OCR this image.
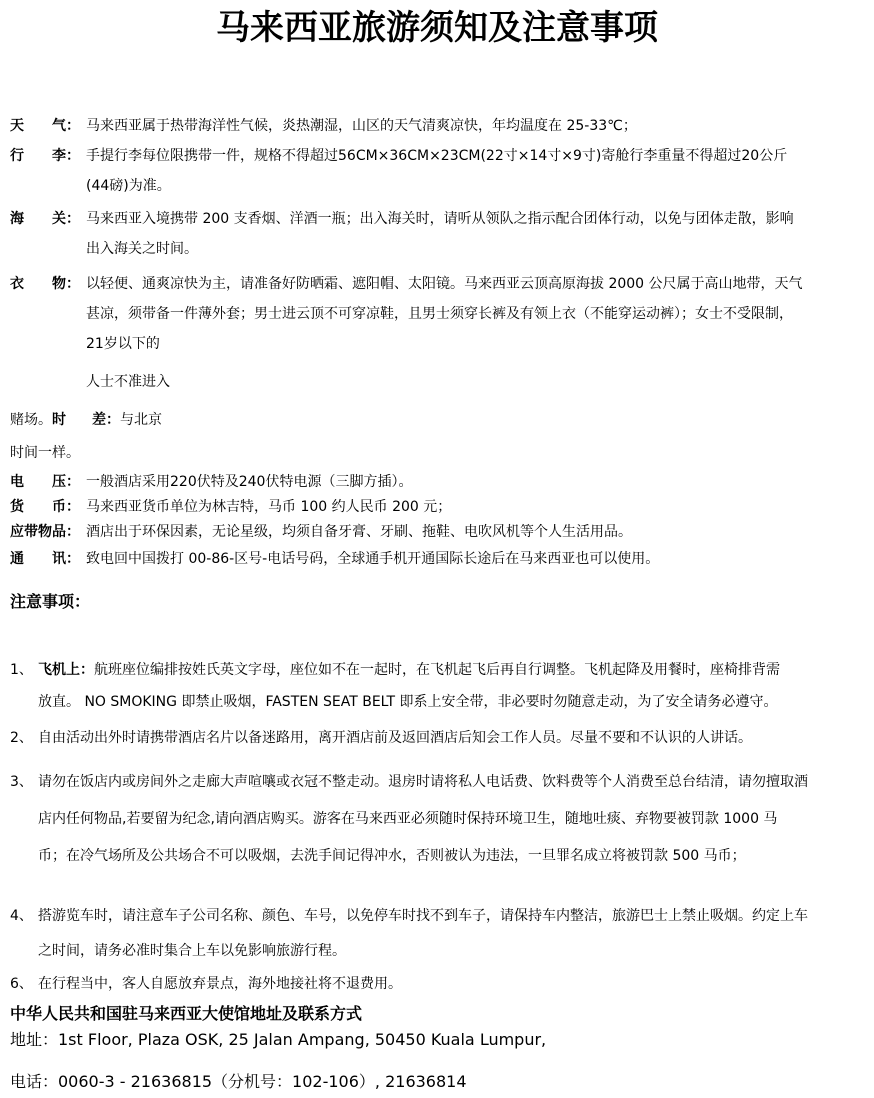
马来西亚旅游须知及注意事项
天 气： 马来西亚属于热带海洋性气候，炎热潮湿，山区的天气清爽凉快，年均温度在 25-33℃；
行 李： 手提行李每位限携带一件，规格不得超过56CM×36CM×23CM(22寸×14寸×9寸)寄舱行李重量不得超过20公斤
(44磅)为准。
海 关： 马来西亚入境携带 200 支香烟、洋酒一瓶；出入海关时，请听从领队之指示配合团体行动，以免与团体走散，影响
出入海关之时间。
衣 物： 以轻便、通爽凉快为主，请准备好防晒霜、遮阳帽、太阳镜。马来西亚云顶高原海拔 2000 公尺属于高山地带，天气
甚凉，须带备一件薄外套；男士进云顶不可穿凉鞋，且男士须穿长裤及有领上衣（不能穿运动裤）；女士不受限制，
21岁以下的
人士不准进入
赌场。时 差：与北京
时间一样。
电 压： 一般酒店采用220伏特及240伏特电源（三脚方插）。
货 币： 马来西亚货币单位为林吉特，马币 100 约人民币 200 元；
应带物品： 酒店出于环保因素，无论星级，均须自备牙膏、牙刷、拖鞋、电吹风机等个人生活用品。
通 讯： 致电回中国拨打 00-86-区号-电话号码，全球通手机开通国际长途后在马来西亚也可以使用。
注意事项：
1、 飞机上：航班座位编排按姓氏英文字母，座位如不在一起时，在飞机起飞后再自行调整。飞机起降及用餐时，座椅排背需
放直。 NO SMOKING 即禁止吸烟，FASTEN SEAT BELT 即系上安全带，非必要时勿随意走动，为了安全请务必遵守。
2、 自由活动出外时请携带酒店名片以备迷路用，离开酒店前及返回酒店后知会工作人员。尽量不要和不认识的人讲话。
3、 请勿在饭店内或房间外之走廊大声喧嚷或衣冠不整走动。退房时请将私人电话费、饮料费等个人消费至总台结清，请勿擅取酒
店内任何物品,若要留为纪念,请向酒店购买。游客在马来西亚必须随时保持环境卫生，随地吐痰、弃物要被罚款 1000 马
币；在冷气场所及公共场合不可以吸烟，去洗手间记得冲水，否则被认为违法，一旦罪名成立将被罚款 500 马币；
4、 搭游览车时，请注意车子公司名称、颜色、车号，以免停车时找不到车子，请保持车内整洁，旅游巴士上禁止吸烟。约定上车
之时间，请务必准时集合上车以免影响旅游行程。
6、 在行程当中，客人自愿放弃景点，海外地接社将不退费用。
中华人民共和国驻马来西亚大使馆地址及联系方式
地址：1st Floor, Plaza OSK, 25 Jalan Ampang, 50450 Kuala Lumpur,
电话：0060-3 - 21636815（分机号：102-106）, 21636814
